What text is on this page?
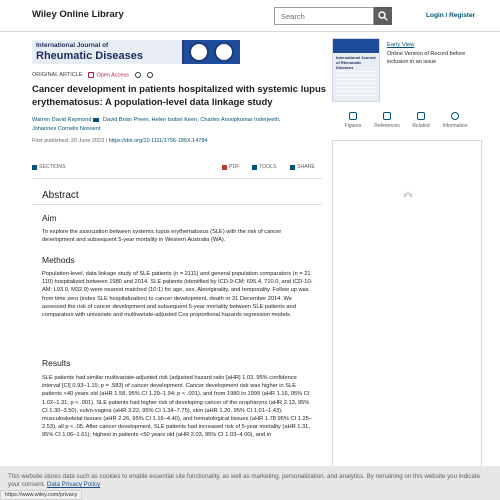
Wiley Online Library	Search	Login / Register
International Journal of
Rheumatic Diseases
ORIGINAL ARTICLE	Open Access
Cancer development in patients hospitalized with systemic lupus erythematosus: A population-level data linkage study
Warren David Raymond David Brian Preen, Helen Isobel Keen, Charles Anoopkumar Inderjeeth,
Johannes Cornelis Nossent
First published: 20 June 2023 | https://doi.org/10.1111/1756-185X.14784
SECTIONS	PDF	TOOLS	SHARE
Abstract
Aim
To explore the association between systemic lupus erythematosus (SLE) with the risk of cancer development and subsequent 5-year mortality in Western Australia (WA).
Methods
Population-level, data linkage study of SLE patients (n = 2111) and general population comparators (n = 21 110) hospitalized between 1980 and 2014. SLE patients (identified by ICD-9-CM: 695.4, 710.0, and ICD-10-AM: L93.0, M32.0) were nearest matched (10:1) for age, sex, Aboriginality, and temporality. Follow up was from time zero (index SLE hospitalization) to cancer development, death or 31 December 2014. We assessed the risk of cancer development and subsequent 5-year mortality between SLE patients and comparators with univariate and multivariate-adjusted Cox proportional hazards regression models.
Results
SLE patients had similar multivariate-adjusted risk (adjusted hazard ratio [aHR] 1.03, 95% confidence interval [CI] 0.93–1.15; p = .583) of cancer development. Cancer development risk was higher in SLE patients <40 years old (aHR 1.58, 95% CI 1.29–1.94; p < .001), and from 1980 to 1999 (aHR 1.16, 95% CI 1.02–1.31; p < .001). SLE patients had higher risk of developing cancer of the oropharynx (aHR 2.13, 95% CI 1.30–3.50), vulvo-vagina (aHR 3.22, 95% CI 1.34–7.75), skin (aHR 1.20, 95% CI 1.01–1.43), musculoskeletal tissues (aHR 2.26, 95% CI 1.16–4.40), and hematological tissues (aHR 1.78 95% CI 1.25–2.53), all p < .05. After cancer development, SLE patients had increased risk of 5-year mortality (aHR 1.31, 95% CI 1.06–1.61); highest in patients <50 years old (aHR 2.03, 95% CI 1.03–4.00), and in
International Journal of Rheumatic Diseases
Early View
Online Version of Record before inclusion in an issue
Figures	References	Related	Information
This website stores data such as cookies to enable essential site functionality, as well as marketing, personalization, and analytics. By remaining on this website you indicate your consent. Data Privacy Policy
https://www.wiley.com/privacy
